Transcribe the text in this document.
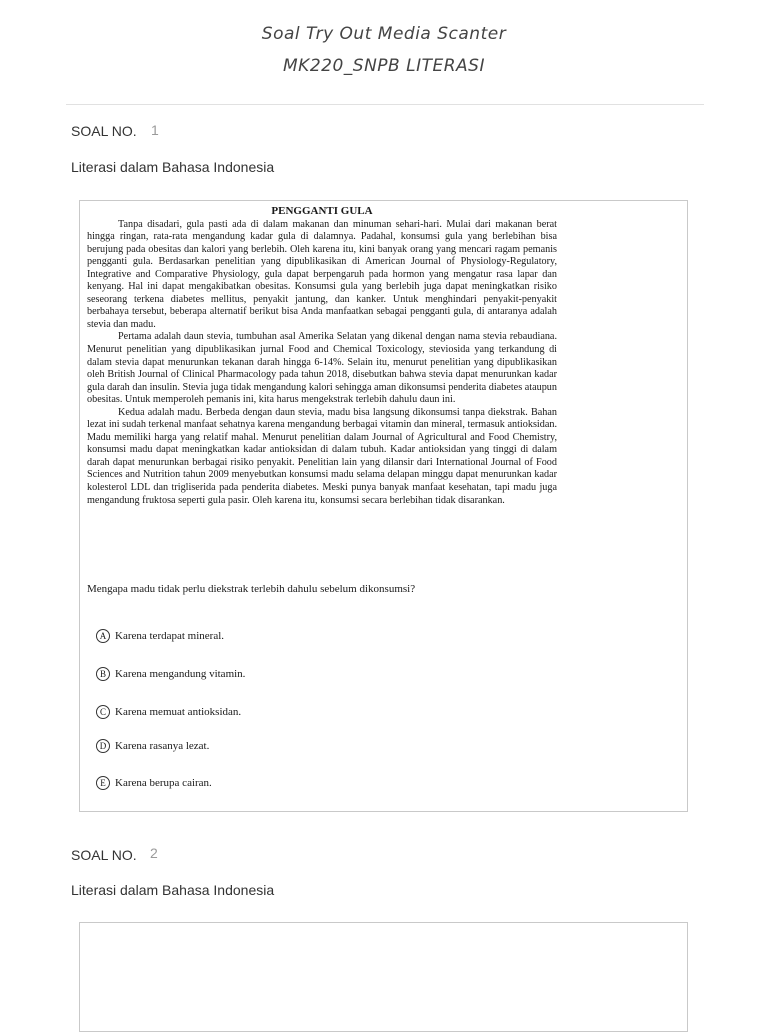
Soal Try Out Media Scanter
MK220_SNPB LITERASI
SOAL NO. 1
Literasi dalam Bahasa Indonesia
PENGGANTI GULA

Tanpa disadari, gula pasti ada di dalam makanan dan minuman sehari-hari. Mulai dari makanan berat hingga ringan, rata-rata mengandung kadar gula di dalamnya. Padahal, konsumsi gula yang berlebihan bisa berujung pada obesitas dan kalori yang berlebih. Oleh karena itu, kini banyak orang yang mencari ragam pemanis pengganti gula. Berdasarkan penelitian yang dipublikasikan di American Journal of Physiology-Regulatory, Integrative and Comparative Physiology, gula dapat berpengaruh pada hormon yang mengatur rasa lapar dan kenyang. Hal ini dapat mengakibatkan obesitas. Konsumsi gula yang berlebih juga dapat meningkatkan risiko seseorang terkena diabetes mellitus, penyakit jantung, dan kanker. Untuk menghindari penyakit-penyakit berbahaya tersebut, beberapa alternatif berikut bisa Anda manfaatkan sebagai pengganti gula, di antaranya adalah stevia dan madu.

Pertama adalah daun stevia, tumbuhan asal Amerika Selatan yang dikenal dengan nama stevia rebaudiana. Menurut penelitian yang dipublikasikan jurnal Food and Chemical Toxicology, steviosida yang terkandung di dalam stevia dapat menurunkan tekanan darah hingga 6-14%. Selain itu, menurut penelitian yang dipublikasikan oleh British Journal of Clinical Pharmacology pada tahun 2018, disebutkan bahwa stevia dapat menurunkan kadar gula darah dan insulin. Stevia juga tidak mengandung kalori sehingga aman dikonsumsi penderita diabetes ataupun obesitas. Untuk memperoleh pemanis ini, kita harus mengekstrak terlebih dahulu daun ini.

Kedua adalah madu. Berbeda dengan daun stevia, madu bisa langsung dikonsumsi tanpa diekstrak. Bahan lezat ini sudah terkenal manfaat sehatnya karena mengandung berbagai vitamin dan mineral, termasuk antioksidan. Madu memiliki harga yang relatif mahal. Menurut penelitian dalam Journal of Agricultural and Food Chemistry, konsumsi madu dapat meningkatkan kadar antioksidan di dalam tubuh. Kadar antioksidan yang tinggi di dalam darah dapat menurunkan berbagai risiko penyakit. Penelitian lain yang dilansir dari International Journal of Food Sciences and Nutrition tahun 2009 menyebutkan konsumsi madu selama delapan minggu dapat menurunkan kadar kolesterol LDL dan trigliserida pada penderita diabetes. Meski punya banyak manfaat kesehatan, tapi madu juga mengandung fruktosa seperti gula pasir. Oleh karena itu, konsumsi secara berlebihan tidak disarankan.

Mengapa madu tidak perlu diekstrak terlebih dahulu sebelum dikonsumsi?
A Karena terdapat mineral.
B Karena mengandung vitamin.
C Karena memuat antioksidan.
D Karena rasanya lezat.
E Karena berupa cairan.
SOAL NO. 2
Literasi dalam Bahasa Indonesia
